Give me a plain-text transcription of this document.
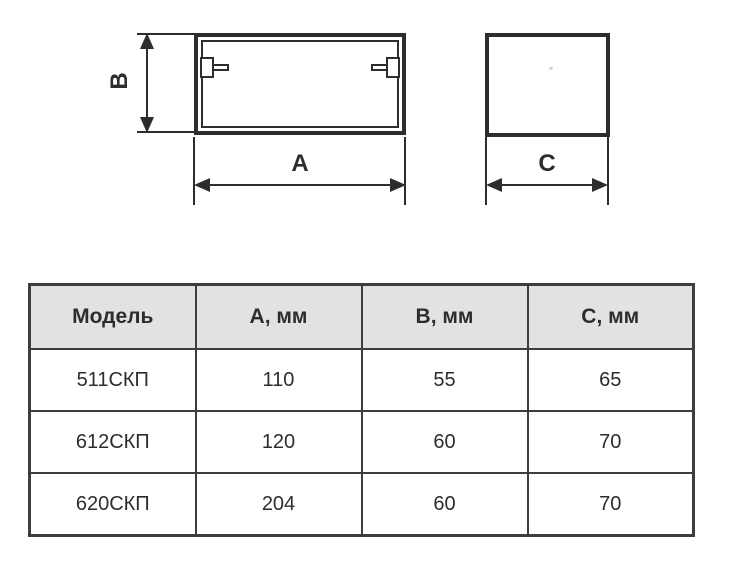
B
A	C
Модель	A, мм	B, мм	C, мм
511СКП	110	55	65
612СКП	120	60	70
620СКП	204	60	70
